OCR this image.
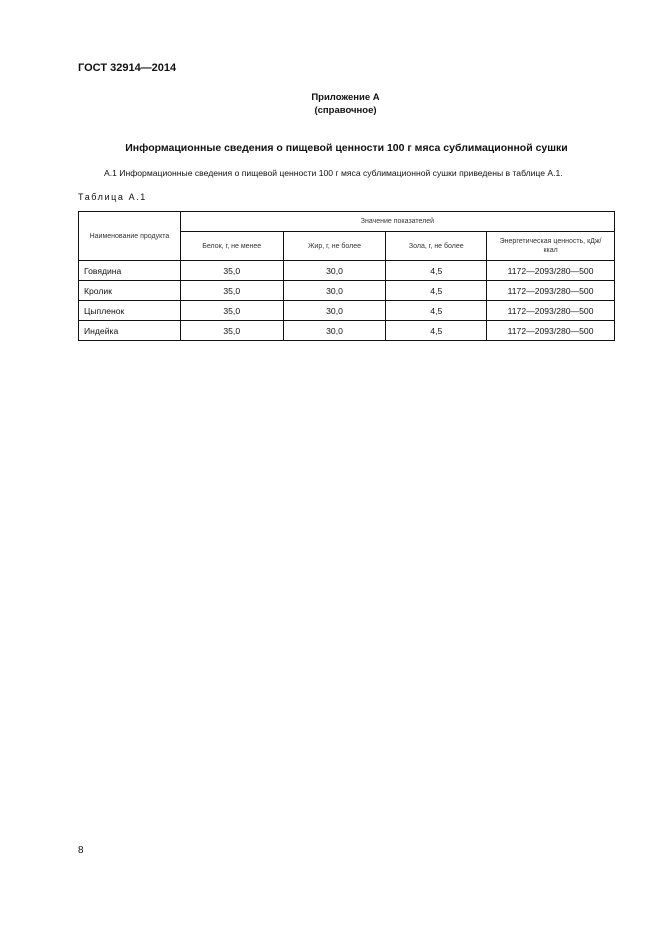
ГОСТ 32914—2014
Приложение А
(справочное)
Информационные сведения о пищевой ценности 100 г мяса сублимационной сушки
А.1 Информационные сведения о пищевой ценности 100 г мяса сублимационной сушки приведены в таблице А.1.
Таблица А.1
Наименование продукта	Значение показателей			
	Белок, г, не менее	Жир, г, не более	Зола, г, не более	Энергетическая ценность, кДж/ккал
Говядина	35,0	30,0	4,5	1172—2093/280—500
Кролик	35,0	30,0	4,5	1172—2093/280—500
Цыпленок	35,0	30,0	4,5	1172—2093/280—500
Индейка	35,0	30,0	4,5	1172—2093/280—500
8
